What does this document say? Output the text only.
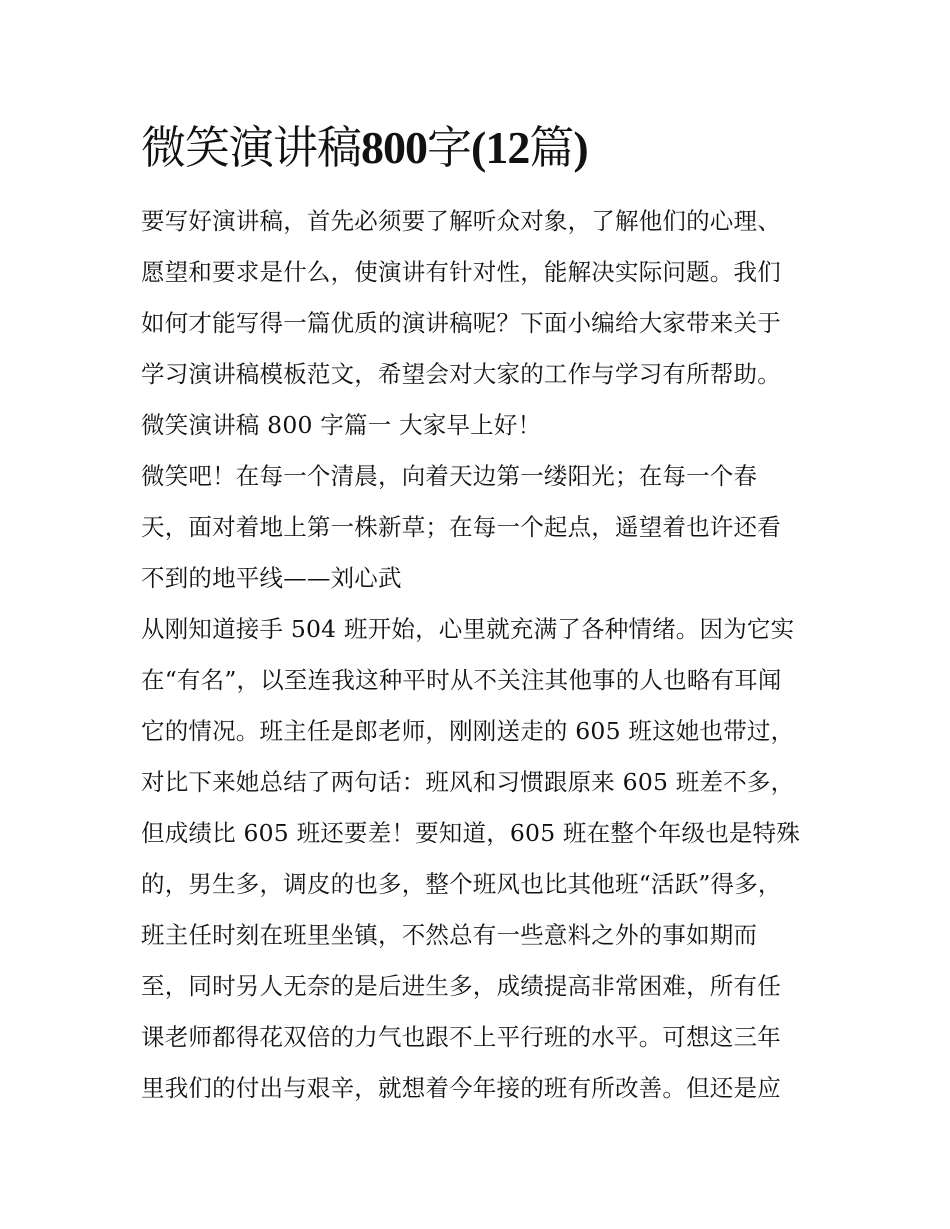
微笑演讲稿800字(12篇)
要写好演讲稿，首先必须要了解听众对象，了解他们的心理、
愿望和要求是什么，使演讲有针对性，能解决实际问题。我们
如何才能写得一篇优质的演讲稿呢？下面小编给大家带来关于
学习演讲稿模板范文，希望会对大家的工作与学习有所帮助。
微笑演讲稿 800 字篇一 大家早上好！
微笑吧！在每一个清晨，向着天边第一缕阳光；在每一个春
天，面对着地上第一株新草；在每一个起点，遥望着也许还看
不到的地平线——刘心武
从刚知道接手 504 班开始，心里就充满了各种情绪。因为它实
在“有名”，以至连我这种平时从不关注其他事的人也略有耳闻
它的情况。班主任是郎老师，刚刚送走的 605 班这她也带过，
对比下来她总结了两句话：班风和习惯跟原来 605 班差不多，
但成绩比 605 班还要差！要知道，605 班在整个年级也是特殊
的，男生多，调皮的也多，整个班风也比其他班“活跃”得多，
班主任时刻在班里坐镇，不然总有一些意料之外的事如期而
至，同时另人无奈的是后进生多，成绩提高非常困难，所有任
课老师都得花双倍的力气也跟不上平行班的水平。可想这三年
里我们的付出与艰辛，就想着今年接的班有所改善。但还是应
